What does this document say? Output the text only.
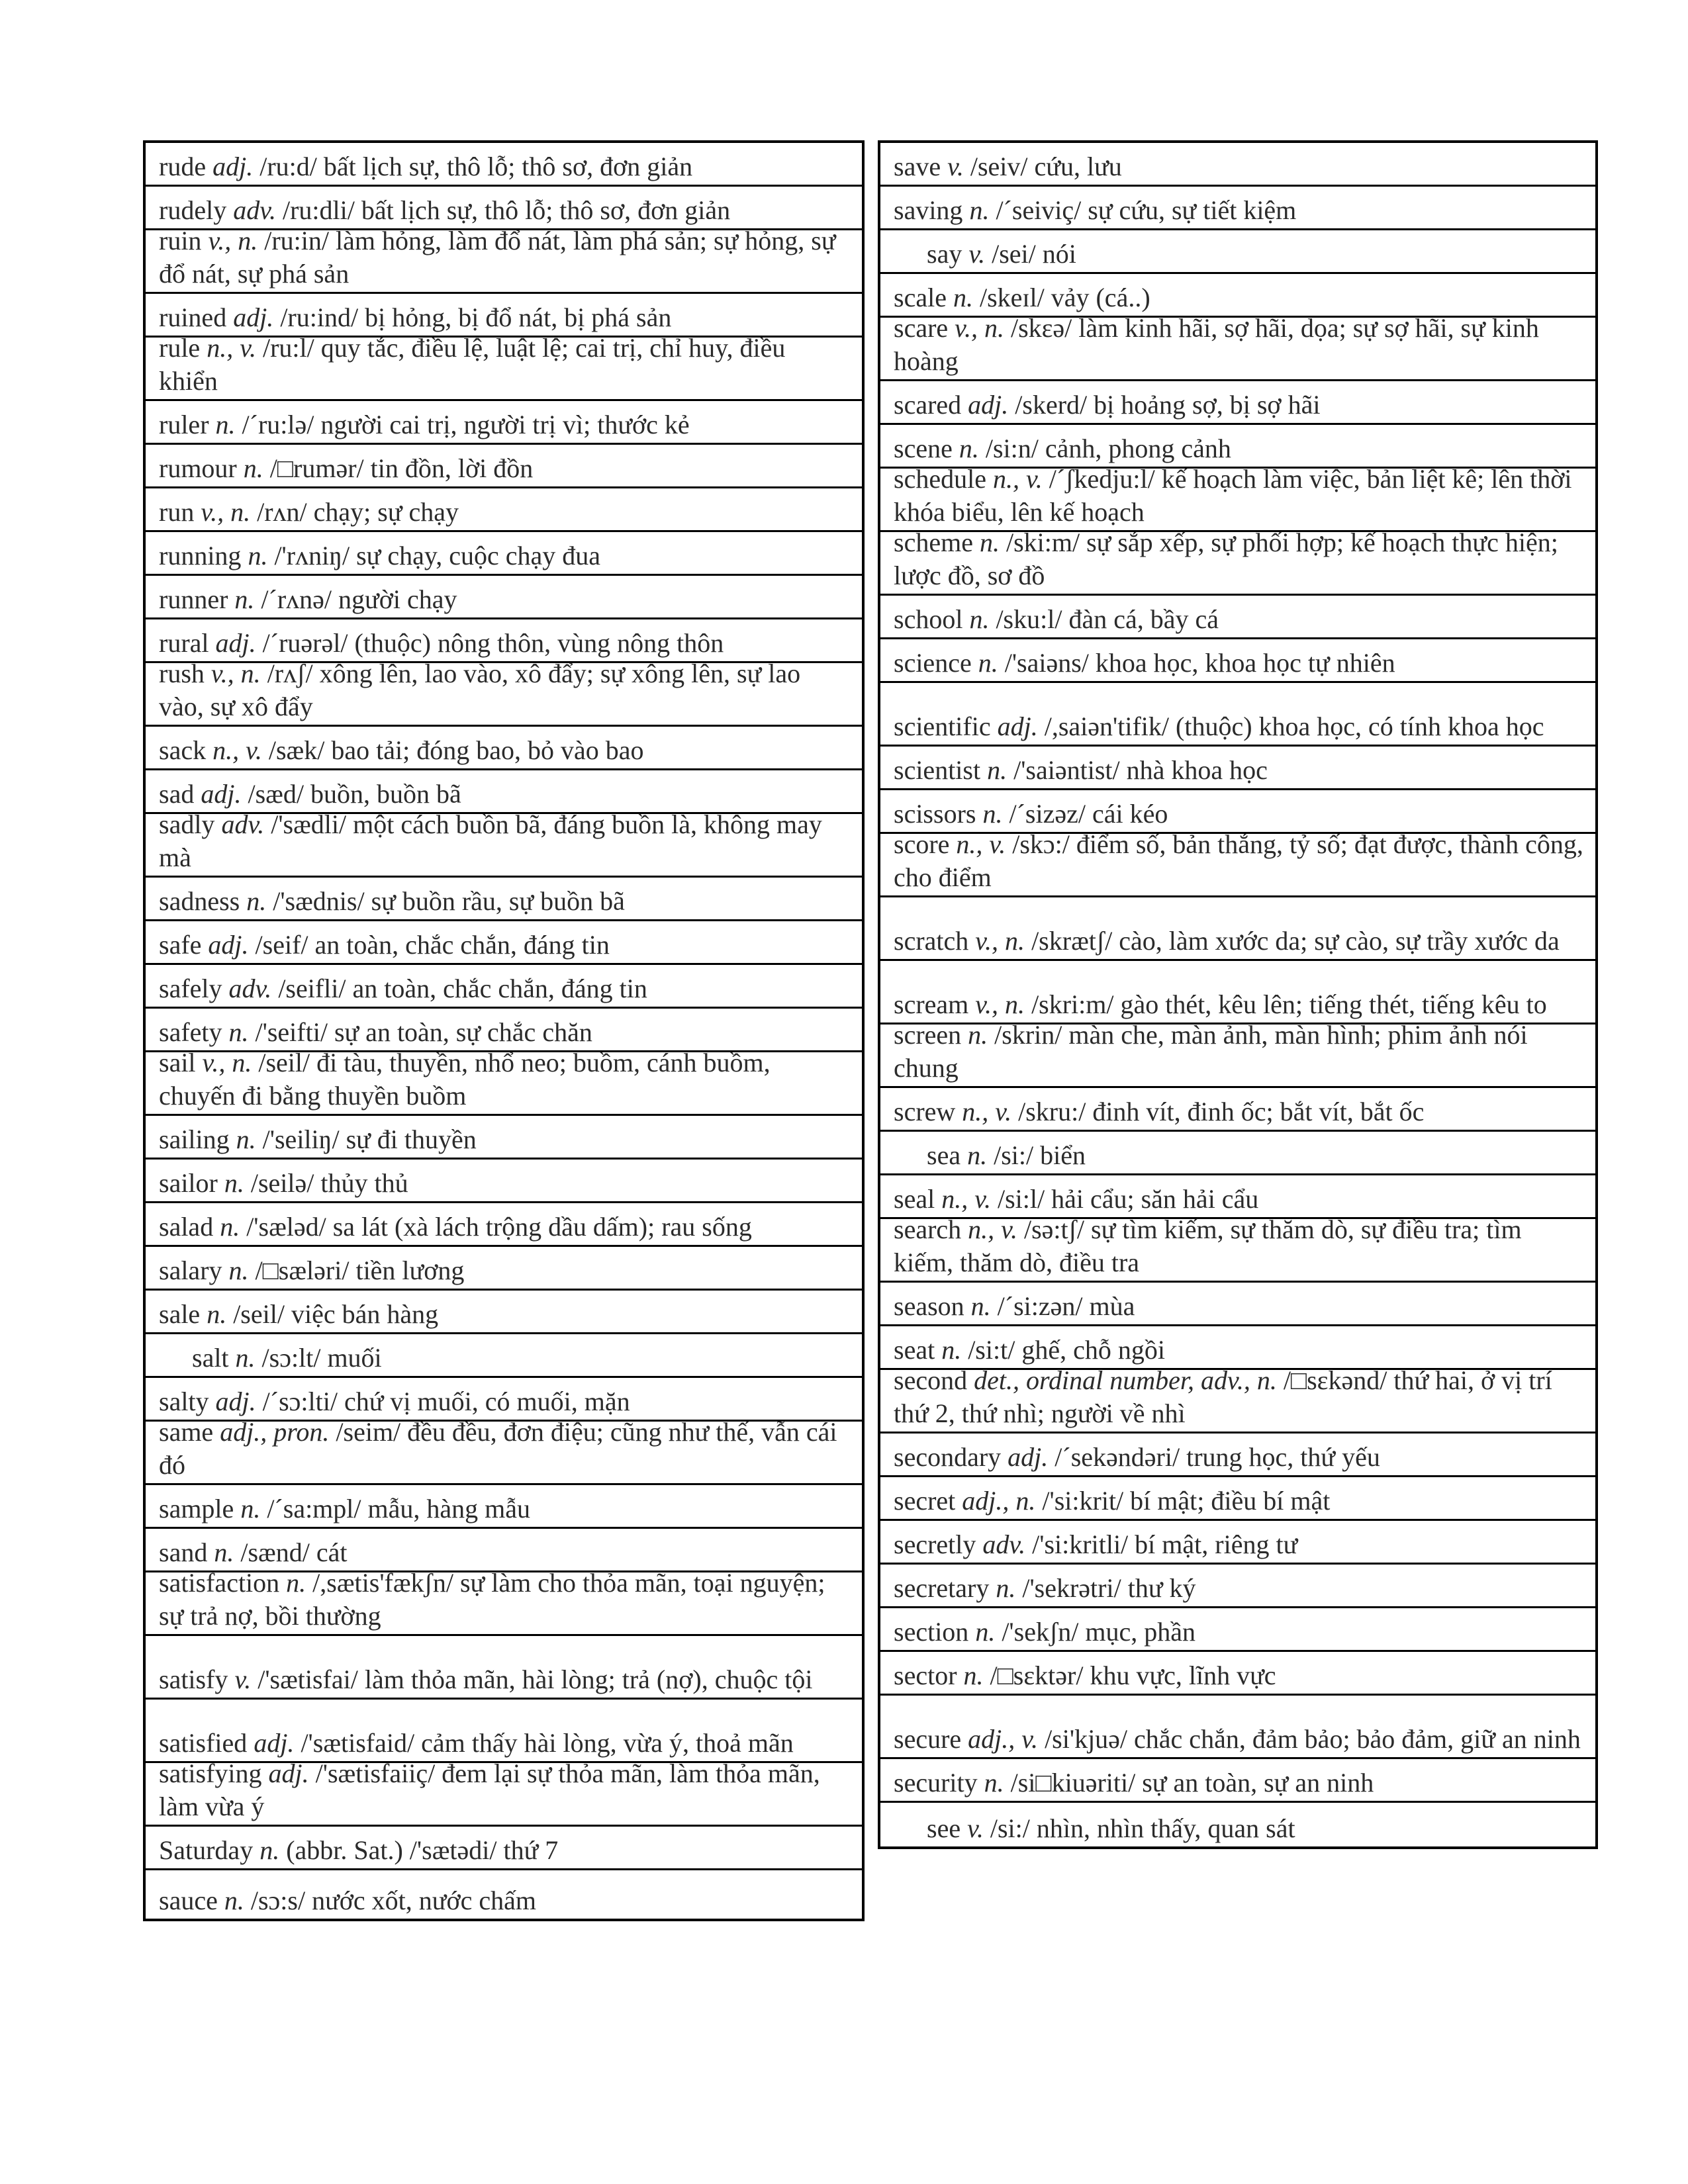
rude adj. /ru:d/ bất lịch sự, thô lỗ; thô sơ, đơn giản
rudely adv. /ru:dli/ bất lịch sự, thô lỗ; thô sơ, đơn giản
ruin v., n. /ru:in/ làm hỏng, làm đổ nát, làm phá sản; sự hỏng, sự đổ nát, sự phá sản
ruined adj. /ru:ind/ bị hỏng, bị đổ nát, bị phá sản
rule n., v. /ru:l/ quy tắc, điều lệ, luật lệ; cai trị, chỉ huy, điều khiển
ruler n. /´ru:lə/ người cai trị, người trị vì; thước kẻ
rumour n. /□rumər/ tin đồn, lời đồn
run v., n. /rʌn/ chạy; sự chạy
running n. /'rʌniŋ/ sự chạy, cuộc chạy đua
runner n. /´rʌnə/ người chạy
rural adj. /´ruərəl/ (thuộc) nông thôn, vùng nông thôn
rush v., n. /rʌʃ/ xông lên, lao vào, xô đẩy; sự xông lên, sự lao vào, sự xô đẩy
sack n., v. /sæk/ bao tải; đóng bao, bỏ vào bao
sad adj. /sæd/ buồn, buồn bã
sadly adv. /'sædli/ một cách buồn bã, đáng buồn là, không may mà
sadness n. /'sædnis/ sự buồn rầu, sự buồn bã
safe adj. /seif/ an toàn, chắc chắn, đáng tin
safely adv. /seifli/ an toàn, chắc chắn, đáng tin
safety n. /'seifti/ sự an toàn, sự chắc chăn
sail v., n. /seil/ đi tàu, thuyền, nhổ neo; buồm, cánh buồm, chuyến đi bằng thuyền buồm
sailing n. /'seiliŋ/ sự đi thuyền
sailor n. /seilə/ thủy thủ
salad n. /'sæləd/ sa lát (xà lách trộng dầu dấm); rau sống
salary n. /□sæləri/ tiền lương
sale n. /seil/ việc bán hàng
salt n. /sɔ:lt/ muối
salty adj. /´sɔ:lti/ chứ vị muối, có muối, mặn
same adj., pron. /seim/ đều đều, đơn điệu; cũng như thế, vẫn cái đó
sample n. /´sa:mpl/ mẫu, hàng mẫu
sand n. /sænd/ cát
satisfaction n. /,sætis'fækʃn/ sự làm cho thỏa mãn, toại nguyện; sự trả nợ, bồi thường
satisfy v. /'sætisfai/ làm thỏa mãn, hài lòng; trả (nợ), chuộc tội
satisfied adj. /'sætisfaid/ cảm thấy hài lòng, vừa ý, thoả mãn
satisfying adj. /'sætisfaiiç/ đem lại sự thỏa mãn, làm thỏa mãn, làm vừa ý
Saturday n. (abbr. Sat.) /'sætədi/ thứ 7
sauce n. /sɔ:s/ nước xốt, nước chấm
save v. /seiv/ cứu, lưu
saving n. /´seiviç/ sự cứu, sự tiết kiệm
say v. /sei/ nói
scale n. /skeɪl/ vảy (cá..)
scare v., n. /skɛə/ làm kinh hãi, sợ hãi, dọa; sự sợ hãi, sự kinh hoàng
scared adj. /skerd/ bị hoảng sợ, bị sợ hãi
scene n. /si:n/ cảnh, phong cảnh
schedule n., v. /´ʃkedju:l/ kế hoạch làm việc, bản liệt kê; lên thời khóa biểu, lên kế hoạch
scheme n. /ski:m/ sự sắp xếp, sự phối hợp; kế hoạch thực hiện; lược đồ, sơ đồ
school n. /sku:l/ đàn cá, bầy cá
science n. /'saiəns/ khoa học, khoa học tự nhiên
scientific adj. /,saiən'tifik/ (thuộc) khoa học, có tính khoa học
scientist n. /'saiəntist/ nhà khoa học
scissors n. /´sizəz/ cái kéo
score n., v. /skɔ:/ điểm số, bản thắng, tỷ số; đạt được, thành công, cho điểm
scratch v., n. /skrætʃ/ cào, làm xước da; sự cào, sự trầy xước da
scream v., n. /skri:m/ gào thét, kêu lên; tiếng thét, tiếng kêu to
screen n. /skrin/ màn che, màn ảnh, màn hình; phim ảnh nói chung
screw n., v. /skru:/ đinh vít, đinh ốc; bắt vít, bắt ốc
sea n. /si:/ biển
seal n., v. /si:l/ hải cẩu; săn hải cẩu
search n., v. /sə:tʃ/ sự tìm kiếm, sự thăm dò, sự điều tra; tìm kiếm, thăm dò, điều tra
season n. /´si:zən/ mùa
seat n. /si:t/ ghế, chỗ ngồi
second det., ordinal number, adv., n. /□sɛkənd/ thứ hai, ở vị trí thứ 2, thứ nhì; người về nhì
secondary adj. /´sekəndəri/ trung học, thứ yếu
secret adj., n. /'si:krit/ bí mật; điều bí mật
secretly adv. /'si:kritli/ bí mật, riêng tư
secretary n. /'sekrətri/ thư ký
section n. /'sekʃn/ mục, phần
sector n. /□sɛktər/ khu vực, lĩnh vực
secure adj., v. /si'kjuə/ chắc chắn, đảm bảo; bảo đảm, giữ an ninh
security n. /si□kiuəriti/ sự an toàn, sự an ninh
see v. /si:/ nhìn, nhìn thấy, quan sát
